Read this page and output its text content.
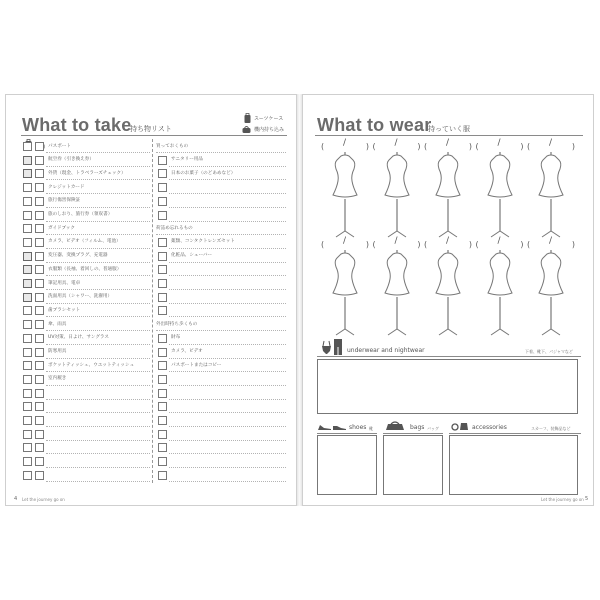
What to take
持ち物リスト
スーツケース
機内持ち込み
パスポート
航空券（引き換え券）
外貨（現金、トラベラーズチェック）
クレジットカード
旅行傷害保険証
旅のしおり、旅行券（領収書）
ガイドブック
カメラ、ビデオ（フィルム、電池）
変圧器、変換プラグ、充電器
衣服類（長袖、着回しの、普通服）
筆記用具、電卓
洗面用具（シャワー、洗濯用）
歯ブラシセット
傘、雨具
UV対策、日よけ、サングラス
防寒用具
ポケットティッシュ、ウエットティッシュ
室内履き
買っておくもの
サニタリー用品
日本のお菓子（のどあめなど）
荷詰め忘れるもの
薬類、コンタクトレンズセット
化粧品、シェーバー
外出時持ち歩くもの
財布
カメラ、ビデオ
パスポートまたはコピー
4 Let the journey go on
What to wear
持っていく服
(	)
/	(	)
/	(	)
/	(	)
/	(	)
/
(	)
/	(	)
/	(	)
/	(	)
/	(	)
/
underwear and nightwear	下着、靴下、パジャマなど
shoes 靴	bags バッグ	accessories	スカーフ、装飾品など
Let the journey go on 5
